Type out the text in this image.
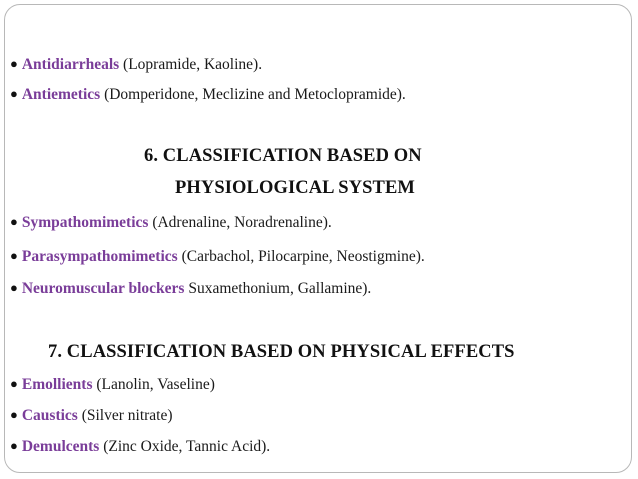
● Antidiarrheals (Lopramide, Kaoline).
● Antiemetics (Domperidone, Meclizine and Metoclopramide).
6. CLASSIFICATION BASED ON
PHYSIOLOGICAL SYSTEM
● Sympathomimetics (Adrenaline, Noradrenaline).
● Parasympathomimetics (Carbachol, Pilocarpine, Neostigmine).
● Neuromuscular blockers Suxamethonium, Gallamine).
7. CLASSIFICATION BASED ON PHYSICAL EFFECTS
● Emollients (Lanolin, Vaseline)
● Caustics (Silver nitrate)
● Demulcents (Zinc Oxide, Tannic Acid).
